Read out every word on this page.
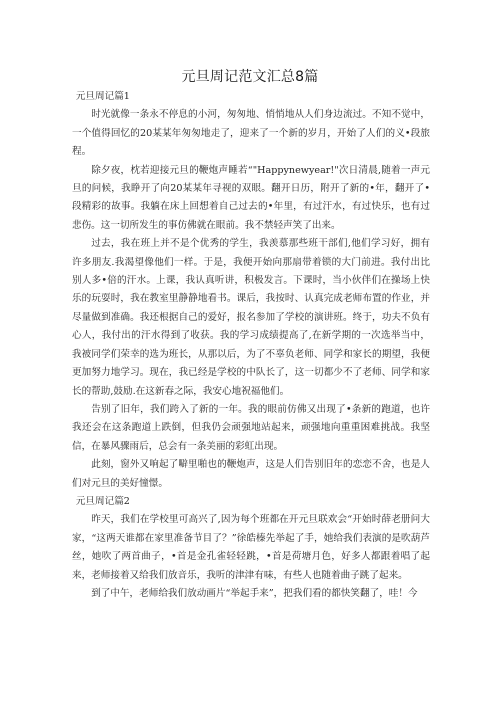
元旦周记范文汇总8篇

元旦周记篇1

时光就像一条永不停息的小河，匆匆地、悄悄地从人们身边流过。不知不觉中，一个值得回忆的20某某年匆匆地走了，迎来了一个新的岁月，开始了人们的义•段旅程。

除夕夜，枕若迎接元旦的鞭炮声睡若“"Happynewyear!"次日清晨,随着一声元旦的问候，我睁开了向20某某年寻视的双眼。翻开日历，附开了新的•年，翻开了•段精彩的故事。我躺在床上回想着自己过去的•年里，有过汗水，有过快乐，也有过悲伤。这一切所发生的事仿佛就在眼前。我不禁轻声笑了出来。

过去，我在班上并不是个优秀的学生，我羡慕那些班干部们,他们学习好，拥有许多朋友.我渴望像他们一样。于是，我便开始向那扇带着锁的大门前进。我付出比别人多•倍的汗水。上课，我认真听讲，积极发言。下课时，当小伙伴们在操场上快乐的玩耍时，我在教室里静静地看书。课后，我按时、认真完成老师布置的作业，并尽量做到准确。我还根据自己的爱好，报名参加了学校的演讲班。终于，功夫不负有心人，我付出的汗水得到了收获。我的学习成绩提高了,在新学期的一次选举当中，我被同学们荣幸的选为班长，从那以后，为了不辜负老师、同学和家长的期望，我便更加努力地学习。现在，我已经是学校的中队长了，这一切都少不了老师、同学和家长的帮助,鼓励.在这新春之际，我安心地祝福他们。

告别了旧年，我们跨入了新的一年。我的眼前仿佛又出现了•条新的跑道，也许我还会在这条跑道上跌倒，但我仍会顽强地站起来，顽强地向重重困难挑战。我坚信，在暴风骤雨后，总会有一条美丽的彩虹出现。

此刻，窗外又响起了噼里啪也的鞭炮声，这是人们告别旧年的恋恋不舍，也是人们对元旦的美好憧憬。

元旦周记篇2

昨天，我们在学校里可高兴了,因为每个班都在开元旦联欢会“开始时薛老册问大家，“这两天谁都在家里准备节目了？”徐皓榛先举起了手，她给我们表演的是吹葫芦丝，她吹了两首曲子，•首是金孔雀轻轻跳，•首是荷塘月色，好多人都跟着唱了起来，老师接着又给我们放音乐，我听的津津有味，有些人也随着曲子跳了起来。

到了中午，老师给我们放动画片“举起手来”，把我们看的都快笑翻了，哇！今
